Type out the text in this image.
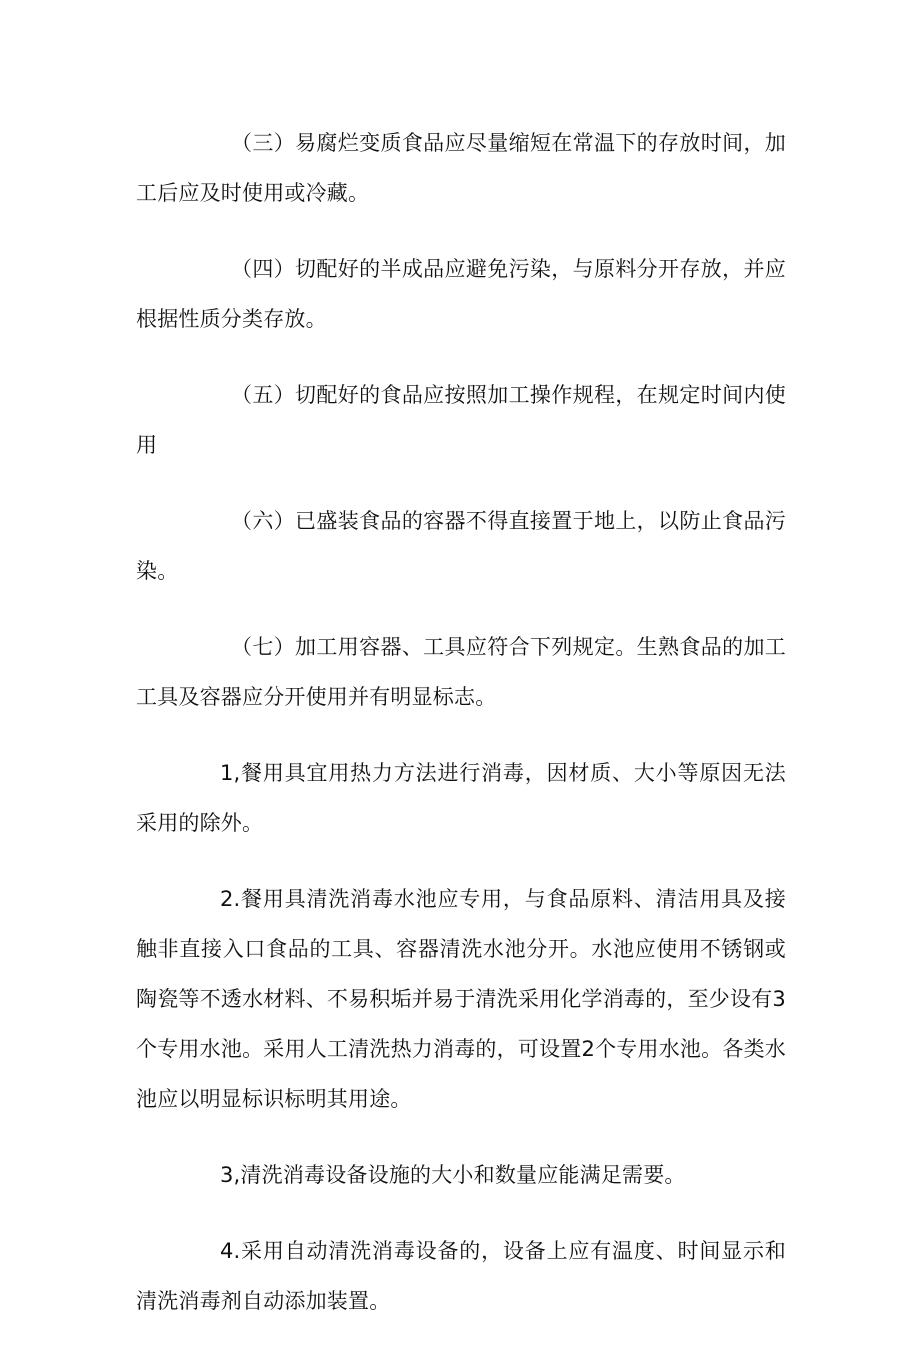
（三）易腐烂变质食品应尽量缩短在常温下的存放时间，加工后应及时使用或冷藏。

（四）切配好的半成品应避免污染，与原料分开存放，并应根据性质分类存放。

（五）切配好的食品应按照加工操作规程，在规定时间内使用

（六）已盛装食品的容器不得直接置于地上，以防止食品污染。

（七）加工用容器、工具应符合下列规定。生熟食品的加工工具及容器应分开使用并有明显标志。

1,餐用具宜用热力方法进行消毒，因材质、大小等原因无法采用的除外。

2.餐用具清洗消毒水池应专用，与食品原料、清洁用具及接触非直接入口食品的工具、容器清洗水池分开。水池应使用不锈钢或陶瓷等不透水材料、不易积垢并易于清洗采用化学消毒的，至少设有3个专用水池。采用人工清洗热力消毒的，可设置2个专用水池。各类水池应以明显标识标明其用途。

3,清洗消毒设备设施的大小和数量应能满足需要。

4.采用自动清洗消毒设备的，设备上应有温度、时间显示和清洗消毒剂自动添加装置。
